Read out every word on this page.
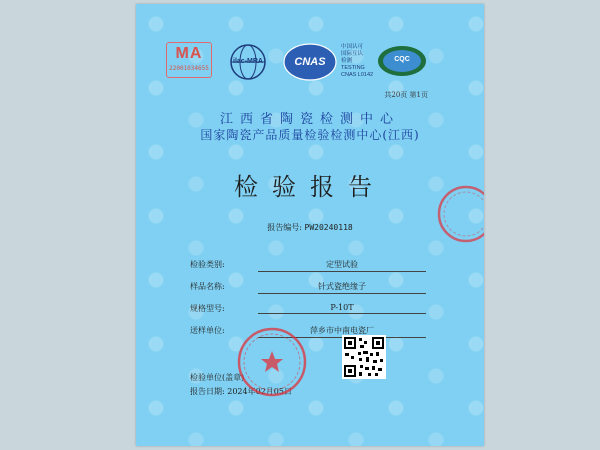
MA
22001034655
ilac-MRA	CNAS
中国认可
国际互认
检测
TESTING
CNAS L0142
CQC
共20页 第1页
江西省陶瓷检测中心
国家陶瓷产品质量检验检测中心(江西)
检验报告
报告编号: PW20240118
检验类别:	定型试验
样品名称:	针式瓷绝缘子
规格型号:	P-10T
送样单位:	萍乡市中南电瓷厂
检验单位(盖章)
报告日期: 2024年02月05日
